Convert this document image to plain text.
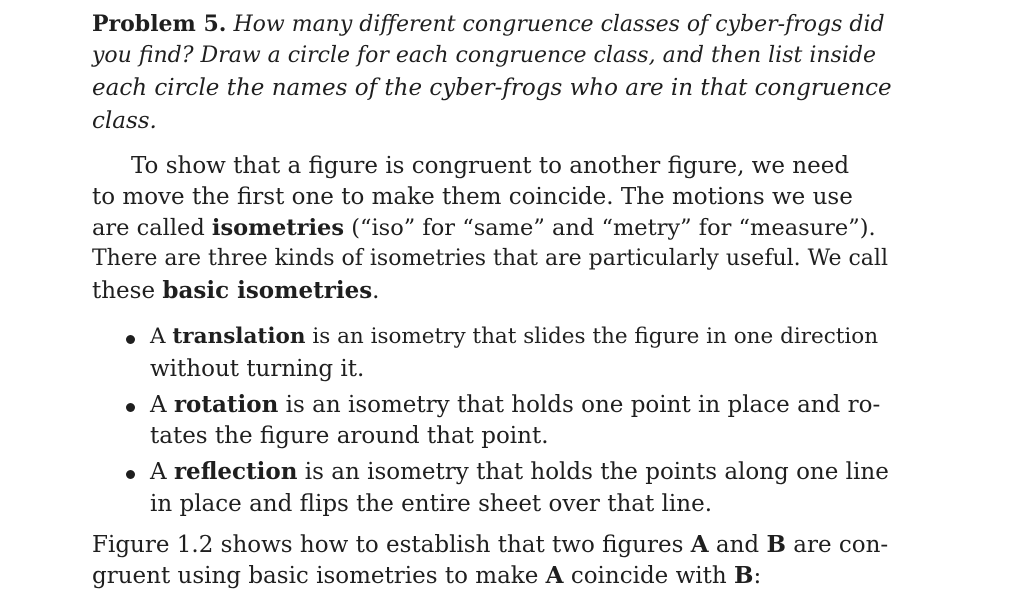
Problem 5. How many different congruence classes of cyber-frogs did
you find? Draw a circle for each congruence class, and then list inside
each circle the names of the cyber-frogs who are in that congruence
class.
To show that a figure is congruent to another figure, we need
to move the first one to make them coincide. The motions we use
are called isometries (“iso” for “same” and “metry” for “measure”).
There are three kinds of isometries that are particularly useful. We call
these basic isometries.
A translation is an isometry that slides the figure in one direction
without turning it.
A rotation is an isometry that holds one point in place and ro-
tates the figure around that point.
A reflection is an isometry that holds the points along one line
in place and flips the entire sheet over that line.
Figure 1.2 shows how to establish that two figures A and B are con-
gruent using basic isometries to make A coincide with B:
